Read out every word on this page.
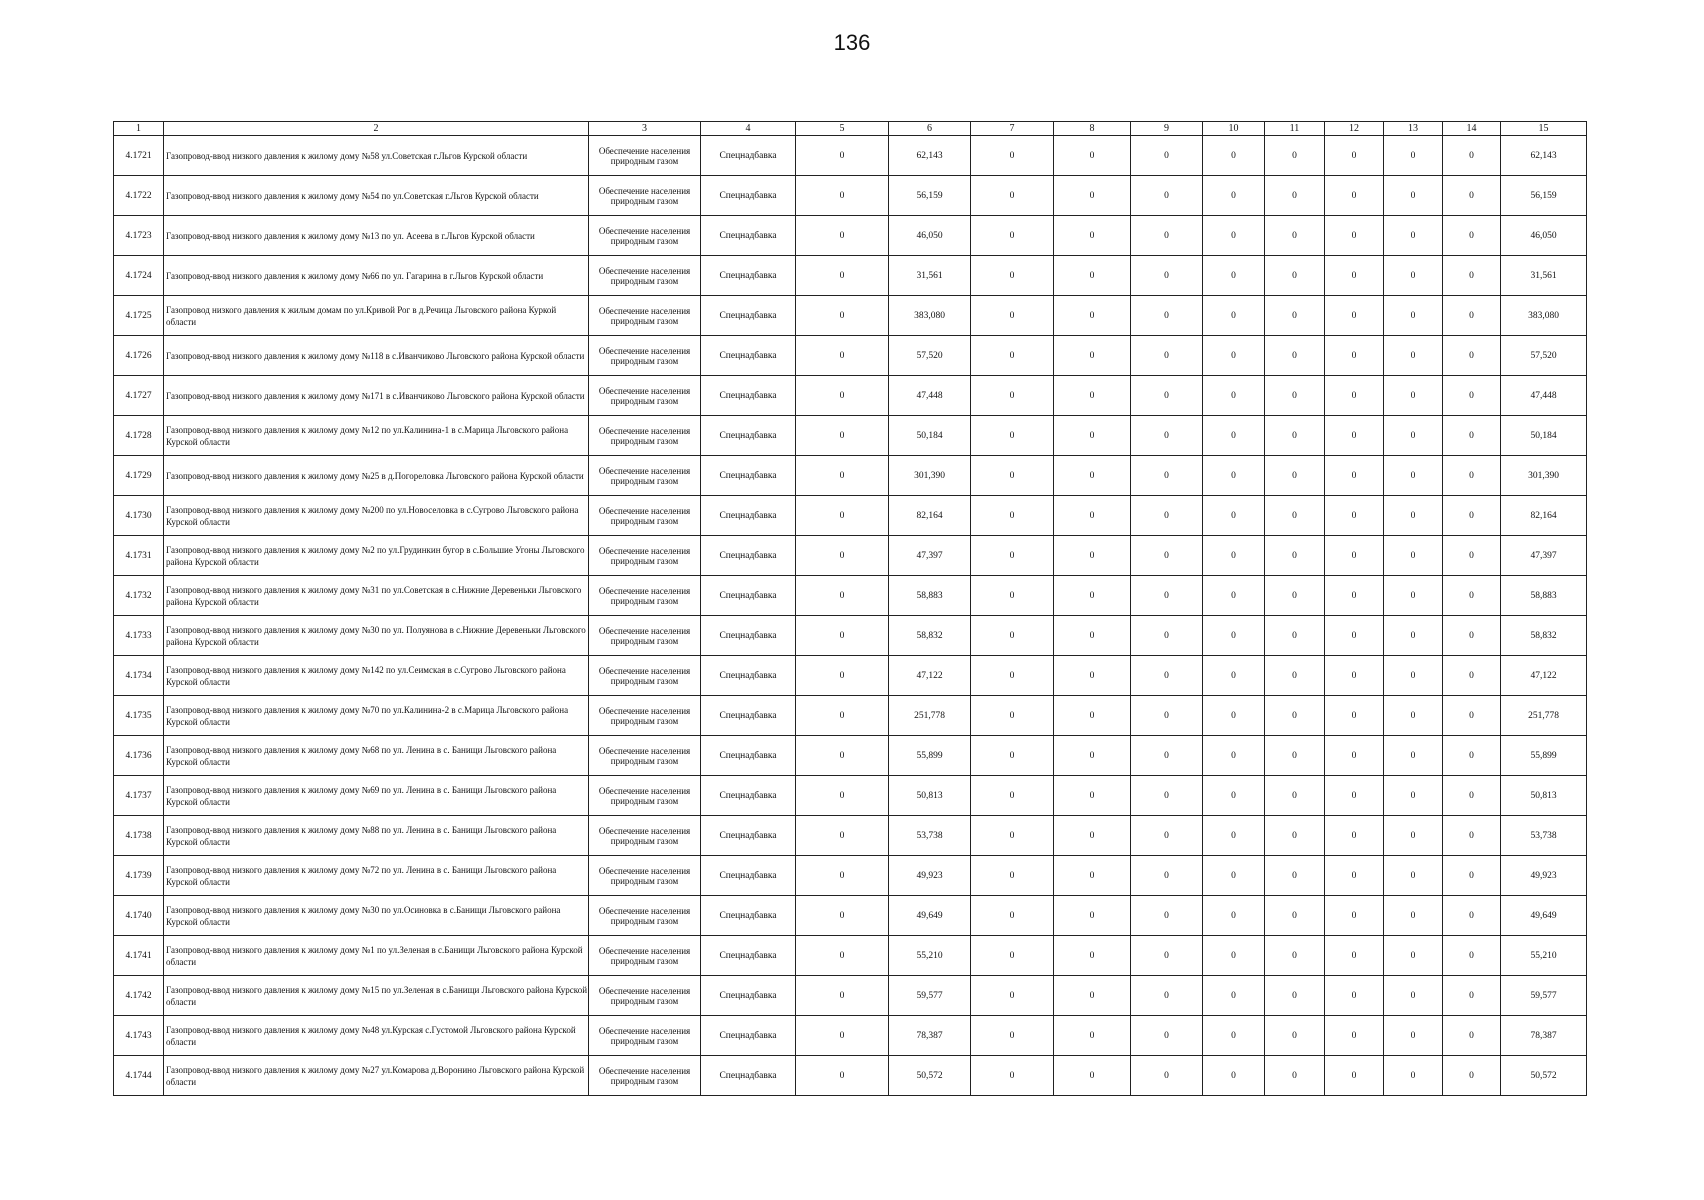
136
1	2	3	4	5	6	7	8	9	10	11	12	13	14	15
4.1721	Газопровод-ввод низкого давления к жилому дому №58 ул.Советская г.Льгов Курской области	Обеспечение населения природным газом	Спецнадбавка	0	62,143	0	0	0	0	0	0	0	0	62,143
4.1722	Газопровод-ввод низкого давления к жилому дому №54 по ул.Советская г.Льгов Курской области	Обеспечение населения природным газом	Спецнадбавка	0	56,159	0	0	0	0	0	0	0	0	56,159
4.1723	Газопровод-ввод низкого давления к жилому дому №13 по ул. Асеева в г.Льгов Курской области	Обеспечение населения природным газом	Спецнадбавка	0	46,050	0	0	0	0	0	0	0	0	46,050
4.1724	Газопровод-ввод низкого давления к жилому дому №66 по ул. Гагарина в г.Льгов Курской области	Обеспечение населения природным газом	Спецнадбавка	0	31,561	0	0	0	0	0	0	0	0	31,561
4.1725	Газопровод низкого давления к жилым домам по ул.Кривой Рог в д.Речица Льговского района Куркой области	Обеспечение населения природным газом	Спецнадбавка	0	383,080	0	0	0	0	0	0	0	0	383,080
4.1726	Газопровод-ввод низкого давления к жилому дому №118 в с.Иванчиково Льговского района Курской области	Обеспечение населения природным газом	Спецнадбавка	0	57,520	0	0	0	0	0	0	0	0	57,520
4.1727	Газопровод-ввод низкого давления к жилому дому №171 в с.Иванчиково Льговского района Курской области	Обеспечение населения природным газом	Спецнадбавка	0	47,448	0	0	0	0	0	0	0	0	47,448
4.1728	Газопровод-ввод низкого давления к жилому дому №12 по ул.Калинина-1 в с.Марица Льговского района Курской области	Обеспечение населения природным газом	Спецнадбавка	0	50,184	0	0	0	0	0	0	0	0	50,184
4.1729	Газопровод-ввод низкого давления к жилому дому №25 в д.Погореловка Льговского района Курской области	Обеспечение населения природным газом	Спецнадбавка	0	301,390	0	0	0	0	0	0	0	0	301,390
4.1730	Газопровод-ввод низкого давления к жилому дому №200 по ул.Новоселовка в с.Сугрово Льговского района Курской области	Обеспечение населения природным газом	Спецнадбавка	0	82,164	0	0	0	0	0	0	0	0	82,164
4.1731	Газопровод-ввод низкого давления к жилому дому №2 по ул.Грудинкин бугор в с.Большие Угоны Льговского района Курской области	Обеспечение населения природным газом	Спецнадбавка	0	47,397	0	0	0	0	0	0	0	0	47,397
4.1732	Газопровод-ввод низкого давления к жилому дому №31 по ул.Советская в с.Нижние Деревеньки Льговского района Курской области	Обеспечение населения природным газом	Спецнадбавка	0	58,883	0	0	0	0	0	0	0	0	58,883
4.1733	Газопровод-ввод низкого давления к жилому дому №30 по ул. Полуянова в с.Нижние Деревеньки Льговского района Курской области	Обеспечение населения природным газом	Спецнадбавка	0	58,832	0	0	0	0	0	0	0	0	58,832
4.1734	Газопровод-ввод низкого давления к жилому дому №142 по ул.Сеимская в с.Сугрово Льговского района Курской области	Обеспечение населения природным газом	Спецнадбавка	0	47,122	0	0	0	0	0	0	0	0	47,122
4.1735	Газопровод-ввод низкого давления к жилому дому №70 по ул.Калинина-2 в с.Марица Льговского района Курской области	Обеспечение населения природным газом	Спецнадбавка	0	251,778	0	0	0	0	0	0	0	0	251,778
4.1736	Газопровод-ввод низкого давления к жилому дому №68 по ул. Ленина в с. Банищи Льговского района Курской области	Обеспечение населения природным газом	Спецнадбавка	0	55,899	0	0	0	0	0	0	0	0	55,899
4.1737	Газопровод-ввод низкого давления к жилому дому №69 по ул. Ленина в с. Банищи Льговского района Курской области	Обеспечение населения природным газом	Спецнадбавка	0	50,813	0	0	0	0	0	0	0	0	50,813
4.1738	Газопровод-ввод низкого давления к жилому дому №88 по ул. Ленина в с. Банищи Льговского района Курской области	Обеспечение населения природным газом	Спецнадбавка	0	53,738	0	0	0	0	0	0	0	0	53,738
4.1739	Газопровод-ввод низкого давления к жилому дому №72 по ул. Ленина в с. Банищи Льговского района Курской области	Обеспечение населения природным газом	Спецнадбавка	0	49,923	0	0	0	0	0	0	0	0	49,923
4.1740	Газопровод-ввод низкого давления к жилому дому №30 по ул.Осиновка в с.Банищи Льговского района Курской области	Обеспечение населения природным газом	Спецнадбавка	0	49,649	0	0	0	0	0	0	0	0	49,649
4.1741	Газопровод-ввод низкого давления к жилому дому №1 по ул.Зеленая в с.Банищи Льговского района Курской области	Обеспечение населения природным газом	Спецнадбавка	0	55,210	0	0	0	0	0	0	0	0	55,210
4.1742	Газопровод-ввод низкого давления к жилому дому №15 по ул.Зеленая в с.Банищи Льговского района Курской области	Обеспечение населения природным газом	Спецнадбавка	0	59,577	0	0	0	0	0	0	0	0	59,577
4.1743	Газопровод-ввод низкого давления к жилому дому №48 ул.Курская с.Густомой Льговского района Курской области	Обеспечение населения природным газом	Спецнадбавка	0	78,387	0	0	0	0	0	0	0	0	78,387
4.1744	Газопровод-ввод низкого давления к жилому дому №27 ул.Комарова д.Воронино Льговского района Курской области	Обеспечение населения природным газом	Спецнадбавка	0	50,572	0	0	0	0	0	0	0	0	50,572
